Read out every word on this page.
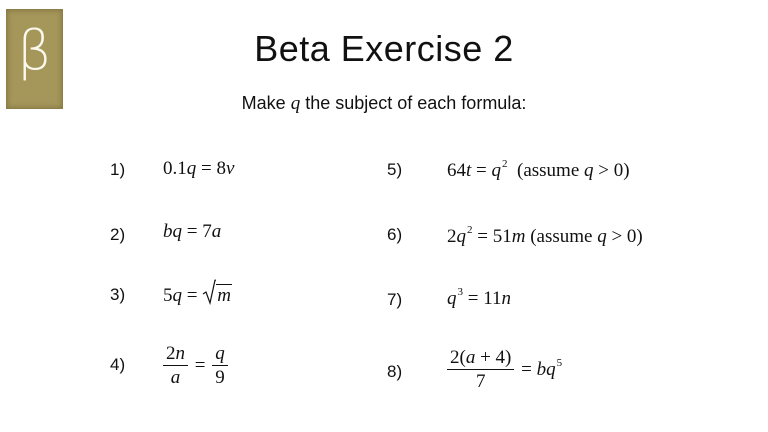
β	Beta Exercise 2
Make q the subject of each formula:
1)
2)
3)
4)
5)
6)
7)
8)
0.1q = 8v
bq = 7a
5q =
m
$\frac{2n}{a} = \frac{q}{9}$
$64t = q^2$  (assume q > 0)
$2q^2 = 51m$ (assume q > 0)
$q^3 = 11n$
$\frac{2(a + 4)}{7} = bq^5$
